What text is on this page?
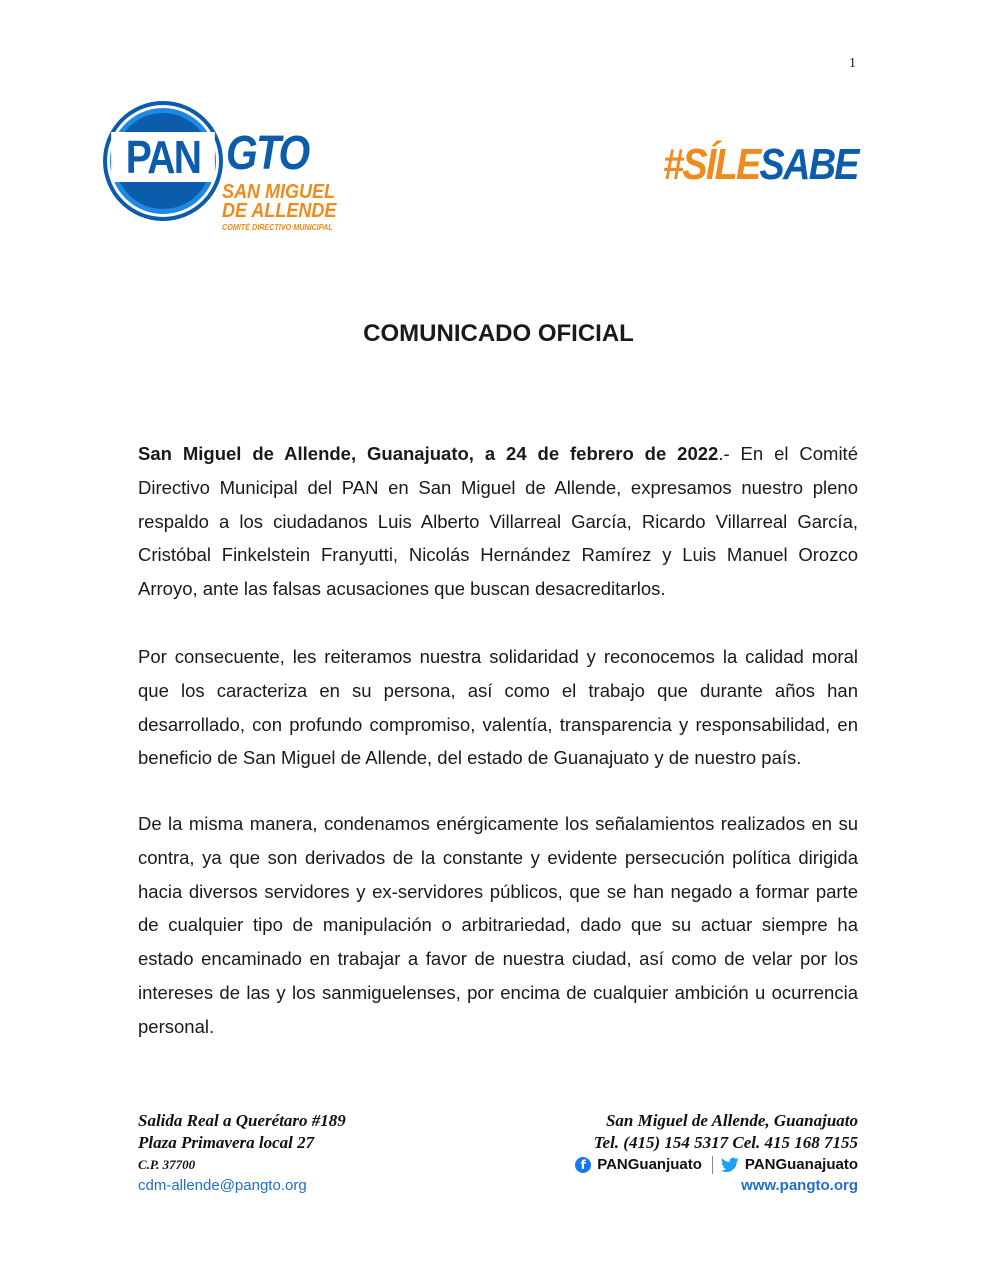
1
PAN GTO
SAN MIGUEL
DE ALLENDE
COMITÉ DIRECTIVO MUNICIPAL
#SÍLESABE
COMUNICADO OFICIAL
San Miguel de Allende, Guanajuato, a 24 de febrero de 2022.- En el Comité Directivo Municipal del PAN en San Miguel de Allende, expresamos nuestro pleno respaldo a los ciudadanos Luis Alberto Villarreal García, Ricardo Villarreal García, Cristóbal Finkelstein Franyutti, Nicolás Hernández Ramírez y Luis Manuel Orozco Arroyo, ante las falsas acusaciones que buscan desacreditarlos.
Por consecuente, les reiteramos nuestra solidaridad y reconocemos la calidad moral que los caracteriza en su persona, así como el trabajo que durante años han desarrollado, con profundo compromiso, valentía, transparencia y responsabilidad, en beneficio de San Miguel de Allende, del estado de Guanajuato y de nuestro país.
De la misma manera, condenamos enérgicamente los señalamientos realizados en su contra, ya que son derivados de la constante y evidente persecución política dirigida hacia diversos servidores y ex-servidores públicos, que se han negado a formar parte de cualquier tipo de manipulación o arbitrariedad, dado que su actuar siempre ha estado encaminado en trabajar a favor de nuestra ciudad, así como de velar por los intereses de las y los sanmiguelenses, por encima de cualquier ambición u ocurrencia personal.
Salida Real a Querétaro #189
Plaza Primavera local 27
C.P. 37700
cdm-allende@pangto.org
San Miguel de Allende, Guanajuato
Tel. (415) 154 5317 Cel. 415 168 7155
f PANGuanjuato	PANGuanajuato
www.pangto.org
